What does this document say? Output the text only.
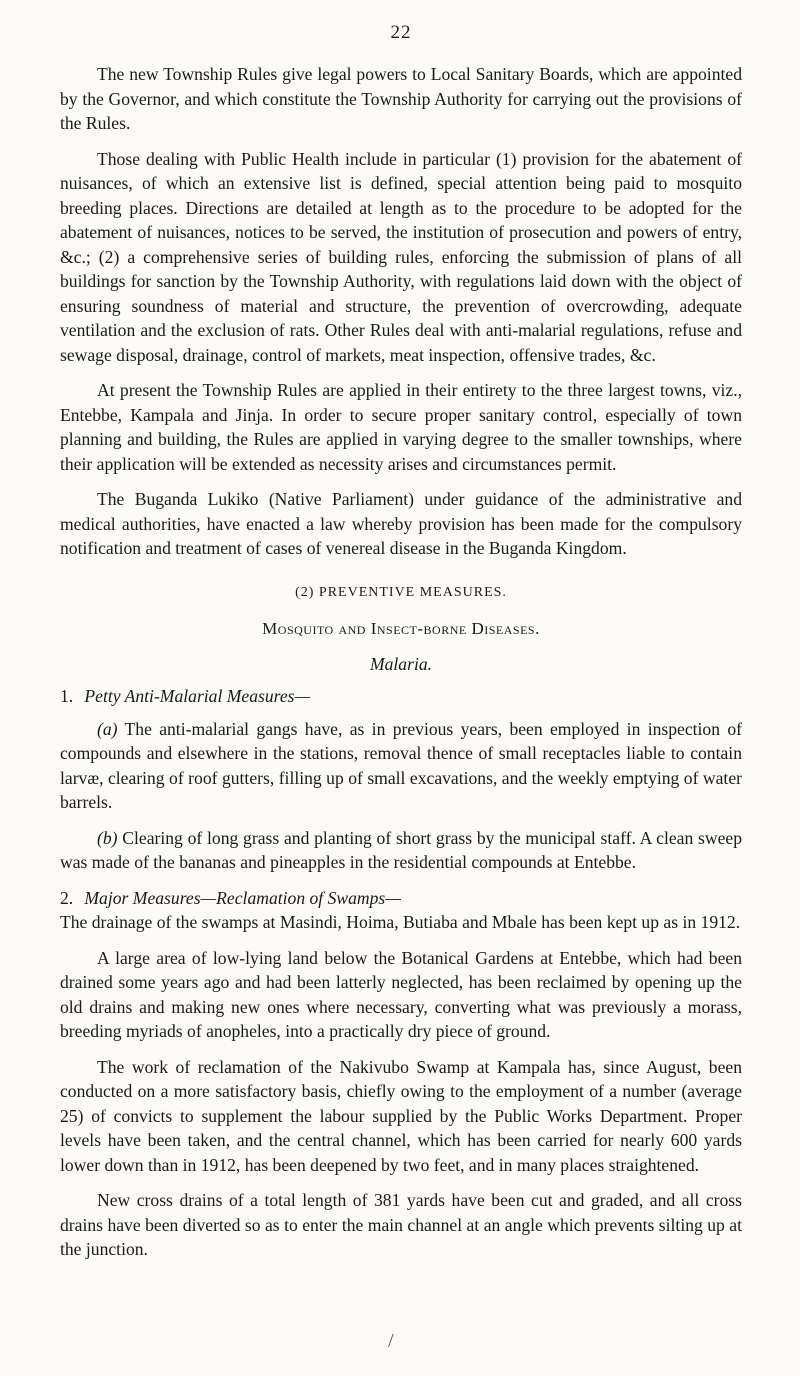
22

The new Township Rules give legal powers to Local Sanitary Boards, which are appointed by the Governor, and which constitute the Township Authority for carrying out the provisions of the Rules.

Those dealing with Public Health include in particular (1) provision for the abatement of nuisances, of which an extensive list is defined, special attention being paid to mosquito breeding places. Directions are detailed at length as to the procedure to be adopted for the abatement of nuisances, notices to be served, the institution of prosecution and powers of entry, &c.; (2) a comprehensive series of building rules, enforcing the submission of plans of all buildings for sanction by the Township Authority, with regulations laid down with the object of ensuring soundness of material and structure, the prevention of overcrowding, adequate ventilation and the exclusion of rats. Other Rules deal with anti-malarial regulations, refuse and sewage disposal, drainage, control of markets, meat inspection, offensive trades, &c.

At present the Township Rules are applied in their entirety to the three largest towns, viz., Entebbe, Kampala and Jinja. In order to secure proper sanitary control, especially of town planning and building, the Rules are applied in varying degree to the smaller townships, where their application will be extended as necessity arises and circumstances permit.

The Buganda Lukiko (Native Parliament) under guidance of the administrative and medical authorities, have enacted a law whereby provision has been made for the compulsory notification and treatment of cases of venereal disease in the Buganda Kingdom.

(2) PREVENTIVE MEASURES.

Mosquito and Insect-borne Diseases.

Malaria.

1. Petty Anti-Malarial Measures—

(a) The anti-malarial gangs have, as in previous years, been employed in inspection of compounds and elsewhere in the stations, removal thence of small receptacles liable to contain larvæ, clearing of roof gutters, filling up of small excavations, and the weekly emptying of water barrels.

(b) Clearing of long grass and planting of short grass by the municipal staff. A clean sweep was made of the bananas and pineapples in the residential compounds at Entebbe.

2. Major Measures—Reclamation of Swamps—

The drainage of the swamps at Masindi, Hoima, Butiaba and Mbale has been kept up as in 1912.

A large area of low-lying land below the Botanical Gardens at Entebbe, which had been drained some years ago and had been latterly neglected, has been reclaimed by opening up the old drains and making new ones where necessary, converting what was previously a morass, breeding myriads of anopheles, into a practically dry piece of ground.

The work of reclamation of the Nakivubo Swamp at Kampala has, since August, been conducted on a more satisfactory basis, chiefly owing to the employment of a number (average 25) of convicts to supplement the labour supplied by the Public Works Department. Proper levels have been taken, and the central channel, which has been carried for nearly 600 yards lower down than in 1912, has been deepened by two feet, and in many places straightened.

New cross drains of a total length of 381 yards have been cut and graded, and all cross drains have been diverted so as to enter the main channel at an angle which prevents silting up at the junction.

/
